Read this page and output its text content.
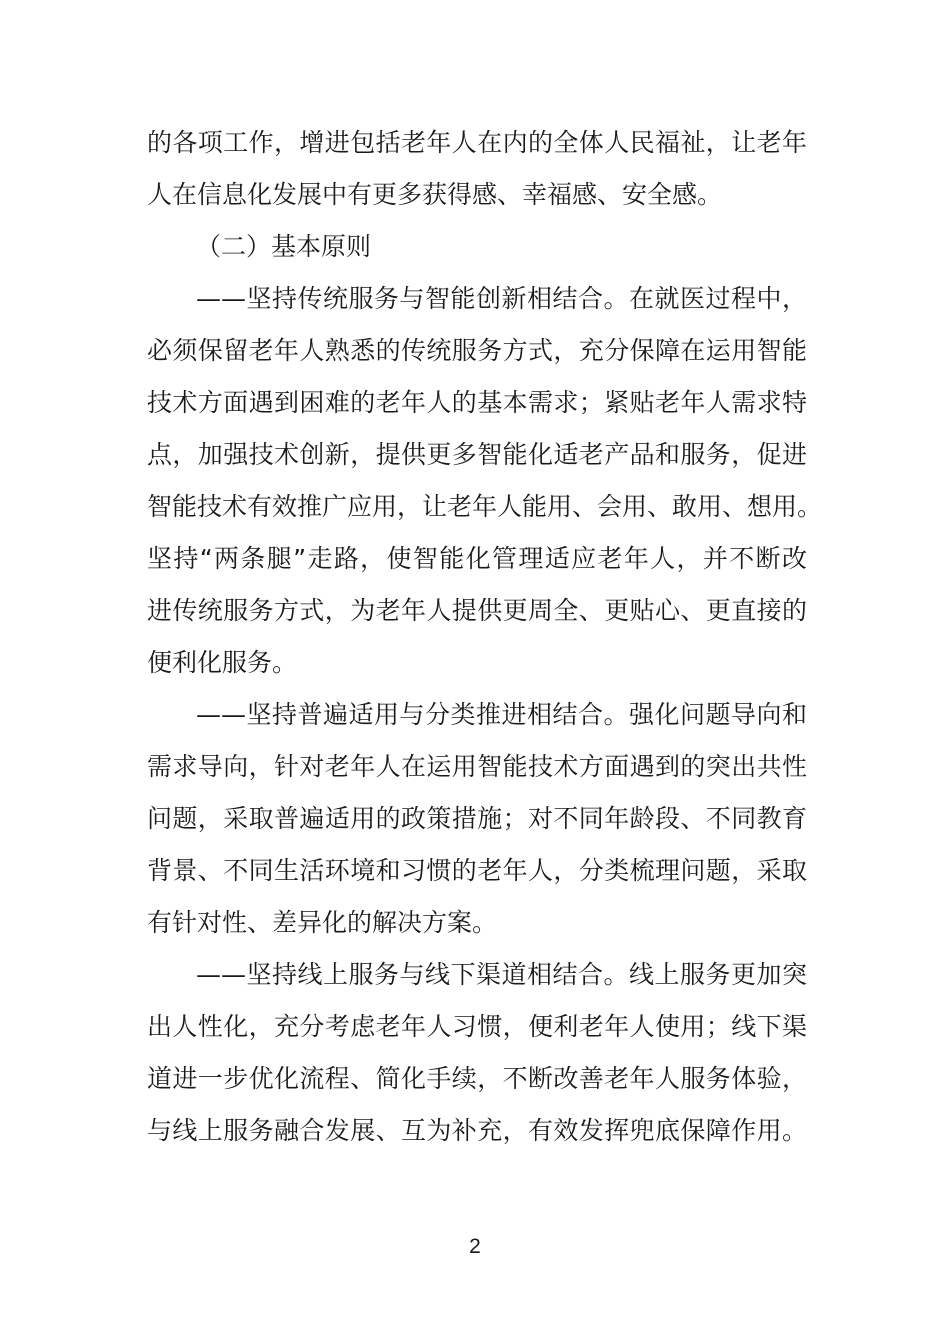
的各项工作，增进包括老年人在内的全体人民福祉，让老年
人在信息化发展中有更多获得感、幸福感、安全感。
（二）基本原则
——坚持传统服务与智能创新相结合。在就医过程中，
必须保留老年人熟悉的传统服务方式，充分保障在运用智能
技术方面遇到困难的老年人的基本需求；紧贴老年人需求特
点，加强技术创新，提供更多智能化适老产品和服务，促进
智能技术有效推广应用，让老年人能用、会用、敢用、想用。
坚持“两条腿”走路，使智能化管理适应老年人，并不断改
进传统服务方式，为老年人提供更周全、更贴心、更直接的
便利化服务。
——坚持普遍适用与分类推进相结合。强化问题导向和
需求导向，针对老年人在运用智能技术方面遇到的突出共性
问题，采取普遍适用的政策措施；对不同年龄段、不同教育
背景、不同生活环境和习惯的老年人，分类梳理问题，采取
有针对性、差异化的解决方案。
——坚持线上服务与线下渠道相结合。线上服务更加突
出人性化，充分考虑老年人习惯，便利老年人使用；线下渠
道进一步优化流程、简化手续，不断改善老年人服务体验，
与线上服务融合发展、互为补充，有效发挥兜底保障作用。
2
